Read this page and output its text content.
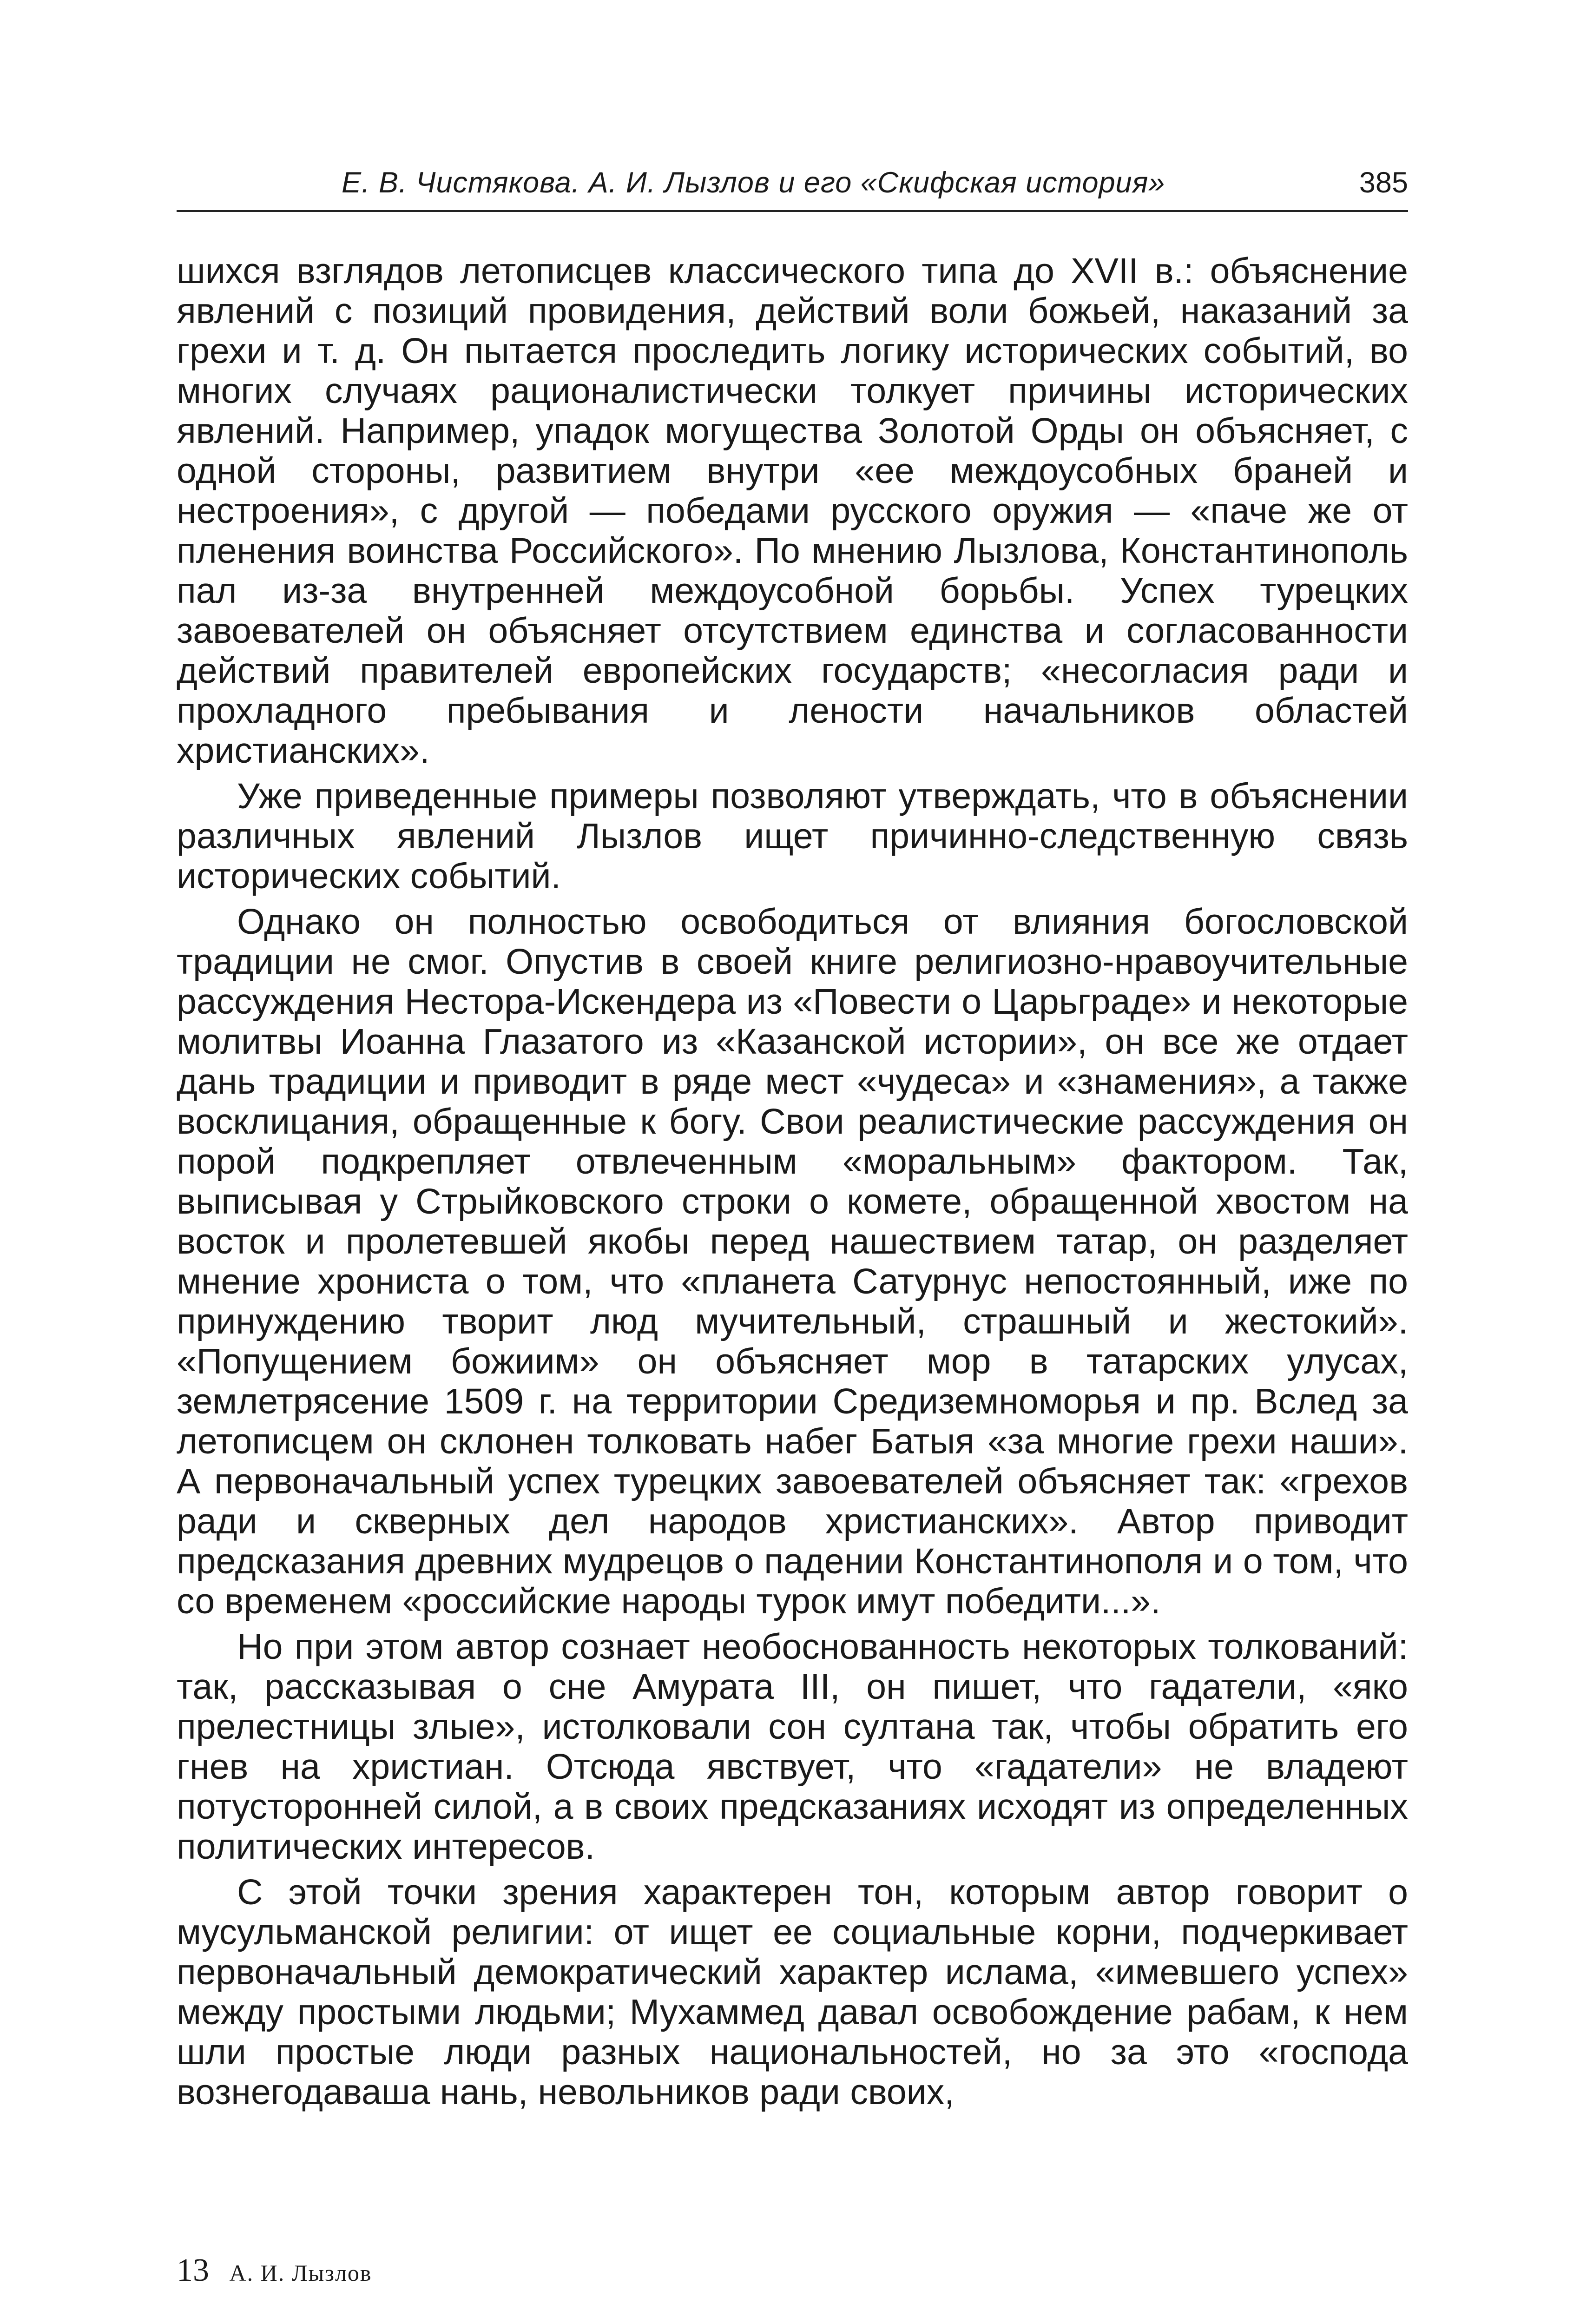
Е. В. Чистякова. А. И. Лызлов и его «Скифская история»	385

шихся взглядов летописцев классического типа до XVII в.: объяснение явлений с позиций провидения, действий воли божьей, наказаний за грехи и т. д. Он пытается проследить логику исторических событий, во многих случаях рационалистически толкует причины исторических явлений. Например, упадок могущества Золотой Орды он объясняет, с одной стороны, развитием внутри «ее междоусобных браней и нестроения», с другой — победами русского оружия — «паче же от пленения воинства Российского». По мнению Лызлова, Константинополь пал из-за внутренней междоусобной борьбы. Успех турецких завоевателей он объясняет отсутствием единства и согласованности действий правителей европейских государств; «несогласия ради и прохладного пребывания и лености начальников областей христианских».

Уже приведенные примеры позволяют утверждать, что в объяснении различных явлений Лызлов ищет причинно-следственную связь исторических событий.

Однако он полностью освободиться от влияния богословской традиции не смог. Опустив в своей книге религиозно-нравоучительные рассуждения Нестора-Искендера из «Повести о Царьграде» и некоторые молитвы Иоанна Глазатого из «Казанской истории», он все же отдает дань традиции и приводит в ряде мест «чудеса» и «знамения», а также восклицания, обращенные к богу. Свои реалистические рассуждения он порой подкрепляет отвлеченным «моральным» фактором. Так, выписывая у Стрыйковского строки о комете, обращенной хвостом на восток и пролетевшей якобы перед нашествием татар, он разделяет мнение хрониста о том, что «планета Сатурнус непостоянный, иже по принуждению творит люд мучительный, страшный и жестокий». «Попущением божиим» он объясняет мор в татарских улусах, землетрясение 1509 г. на территории Средиземноморья и пр. Вслед за летописцем он склонен толковать набег Батыя «за многие грехи наши». А первоначальный успех турецких завоевателей объясняет так: «грехов ради и скверных дел народов христианских». Автор приводит предсказания древних мудрецов о падении Константинополя и о том, что со временем «российские народы турок имут победити...».

Но при этом автор сознает необоснованность некоторых толкований: так, рассказывая о сне Амурата III, он пишет, что гадатели, «яко прелестницы злые», истолковали сон султана так, чтобы обратить его гнев на христиан. Отсюда явствует, что «гадатели» не владеют потусторонней силой, а в своих предсказаниях исходят из определенных политических интересов.

С этой точки зрения характерен тон, которым автор говорит о мусульманской религии: от ищет ее социальные корни, подчеркивает первоначальный демократический характер ислама, «имевшего успех» между простыми людьми; Мухаммед давал освобождение рабам, к нем шли простые люди разных национальностей, но за это «господа вознегодаваша нань, невольников ради своих,

13 А. И. Лызлов
